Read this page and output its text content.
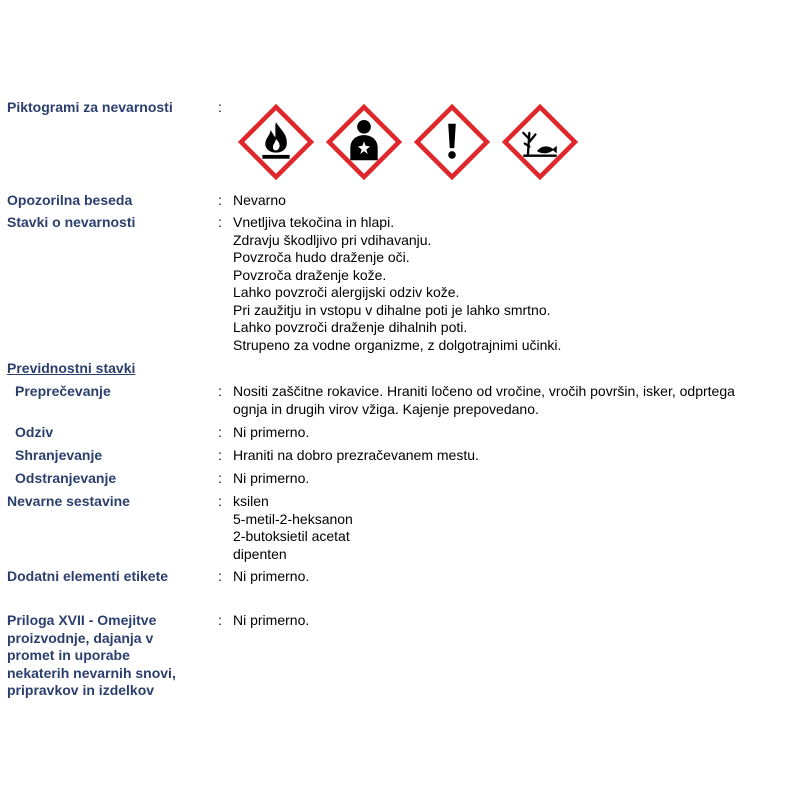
Piktogrami za nevarnosti	:
Opozorilna beseda	: Nevarno
Stavki o nevarnosti	: Vnetljiva tekočina in hlapi.
Zdravju škodljivo pri vdihavanju.
Povzroča hudo draženje oči.
Povzroča draženje kože.
Lahko povzroči alergijski odziv kože.
Pri zaužitju in vstopu v dihalne poti je lahko smrtno.
Lahko povzroči draženje dihalnih poti.
Strupeno za vodne organizme, z dolgotrajnimi učinki.
Previdnostni stavki
Preprečevanje	: Nositi zaščitne rokavice. Hraniti ločeno od vročine, vročih površin, isker, odprtega
ognja in drugih virov vžiga. Kajenje prepovedano.
Odziv	: Ni primerno.
Shranjevanje	: Hraniti na dobro prezračevanem mestu.
Odstranjevanje	: Ni primerno.
Nevarne sestavine	: ksilen
5-metil-2-heksanon
2-butoksietil acetat
dipenten
Dodatni elementi etikete	: Ni primerno.
Priloga XVII - Omejitve
proizvodnje, dajanja v
promet in uporabe
nekaterih nevarnih snovi,
pripravkov in izdelkov
: Ni primerno.
